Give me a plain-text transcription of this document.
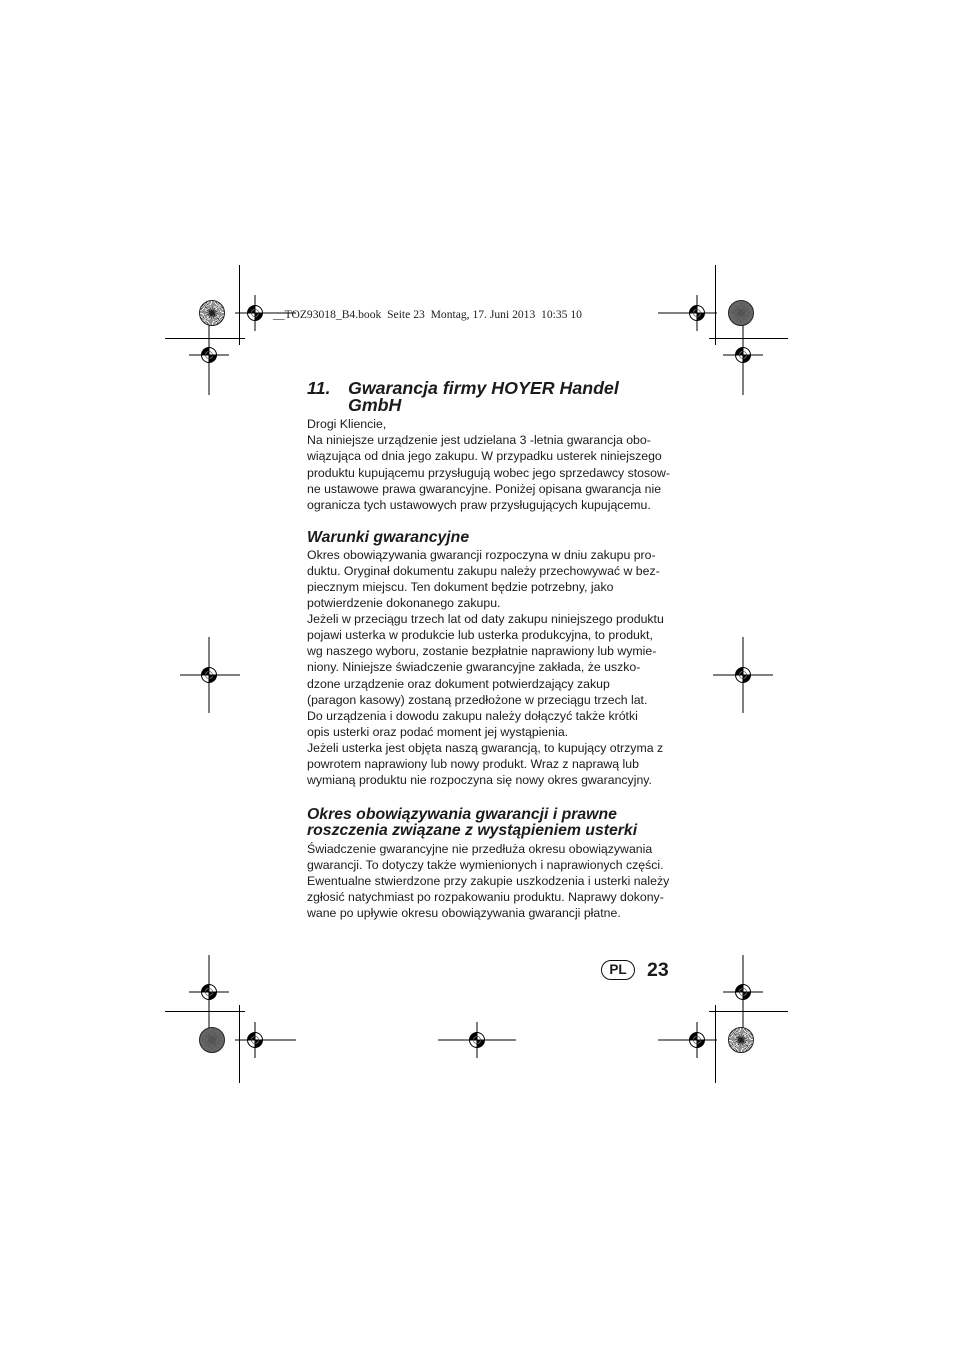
__TOZ93018_B4.book  Seite 23  Montag, 17. Juni 2013  10:35 10
11. Gwarancja firmy HOYER Handel
GmbH
Drogi Kliencie,
Na niniejsze urządzenie jest udzielana 3 -letnia gwarancja obo-
wiązująca od dnia jego zakupu. W przypadku usterek niniejszego
produktu kupującemu przysługują wobec jego sprzedawcy stosow-
ne ustawowe prawa gwarancyjne. Poniżej opisana gwarancja nie
ogranicza tych ustawowych praw przysługujących kupującemu.
Warunki gwarancyjne
Okres obowiązywania gwarancji rozpoczyna w dniu zakupu pro-
duktu. Oryginał dokumentu zakupu należy przechowywać w bez-
piecznym miejscu. Ten dokument będzie potrzebny, jako
potwierdzenie dokonanego zakupu.
Jeżeli w przeciągu trzech lat od daty zakupu niniejszego produktu
pojawi usterka w produkcie lub usterka produkcyjna, to produkt,
wg naszego wyboru, zostanie bezpłatnie naprawiony lub wymie-
niony. Niniejsze świadczenie gwarancyjne zakłada, że uszko-
dzone urządzenie oraz dokument potwierdzający zakup
(paragon kasowy) zostaną przedłożone w przeciągu trzech lat.
Do urządzenia i dowodu zakupu należy dołączyć także krótki
opis usterki oraz podać moment jej wystąpienia.
Jeżeli usterka jest objęta naszą gwarancją, to kupujący otrzyma z
powrotem naprawiony lub nowy produkt. Wraz z naprawą lub
wymianą produktu nie rozpoczyna się nowy okres gwarancyjny.
Okres obowiązywania gwarancji i prawne
roszczenia związane z wystąpieniem usterki
Świadczenie gwarancyjne nie przedłuża okresu obowiązywania
gwarancji. To dotyczy także wymienionych i naprawionych części.
Ewentualne stwierdzone przy zakupie uszkodzenia i usterki należy
zgłosić natychmiast po rozpakowaniu produktu. Naprawy dokony-
wane po upływie okresu obowiązywania gwarancji płatne.
PL	23
